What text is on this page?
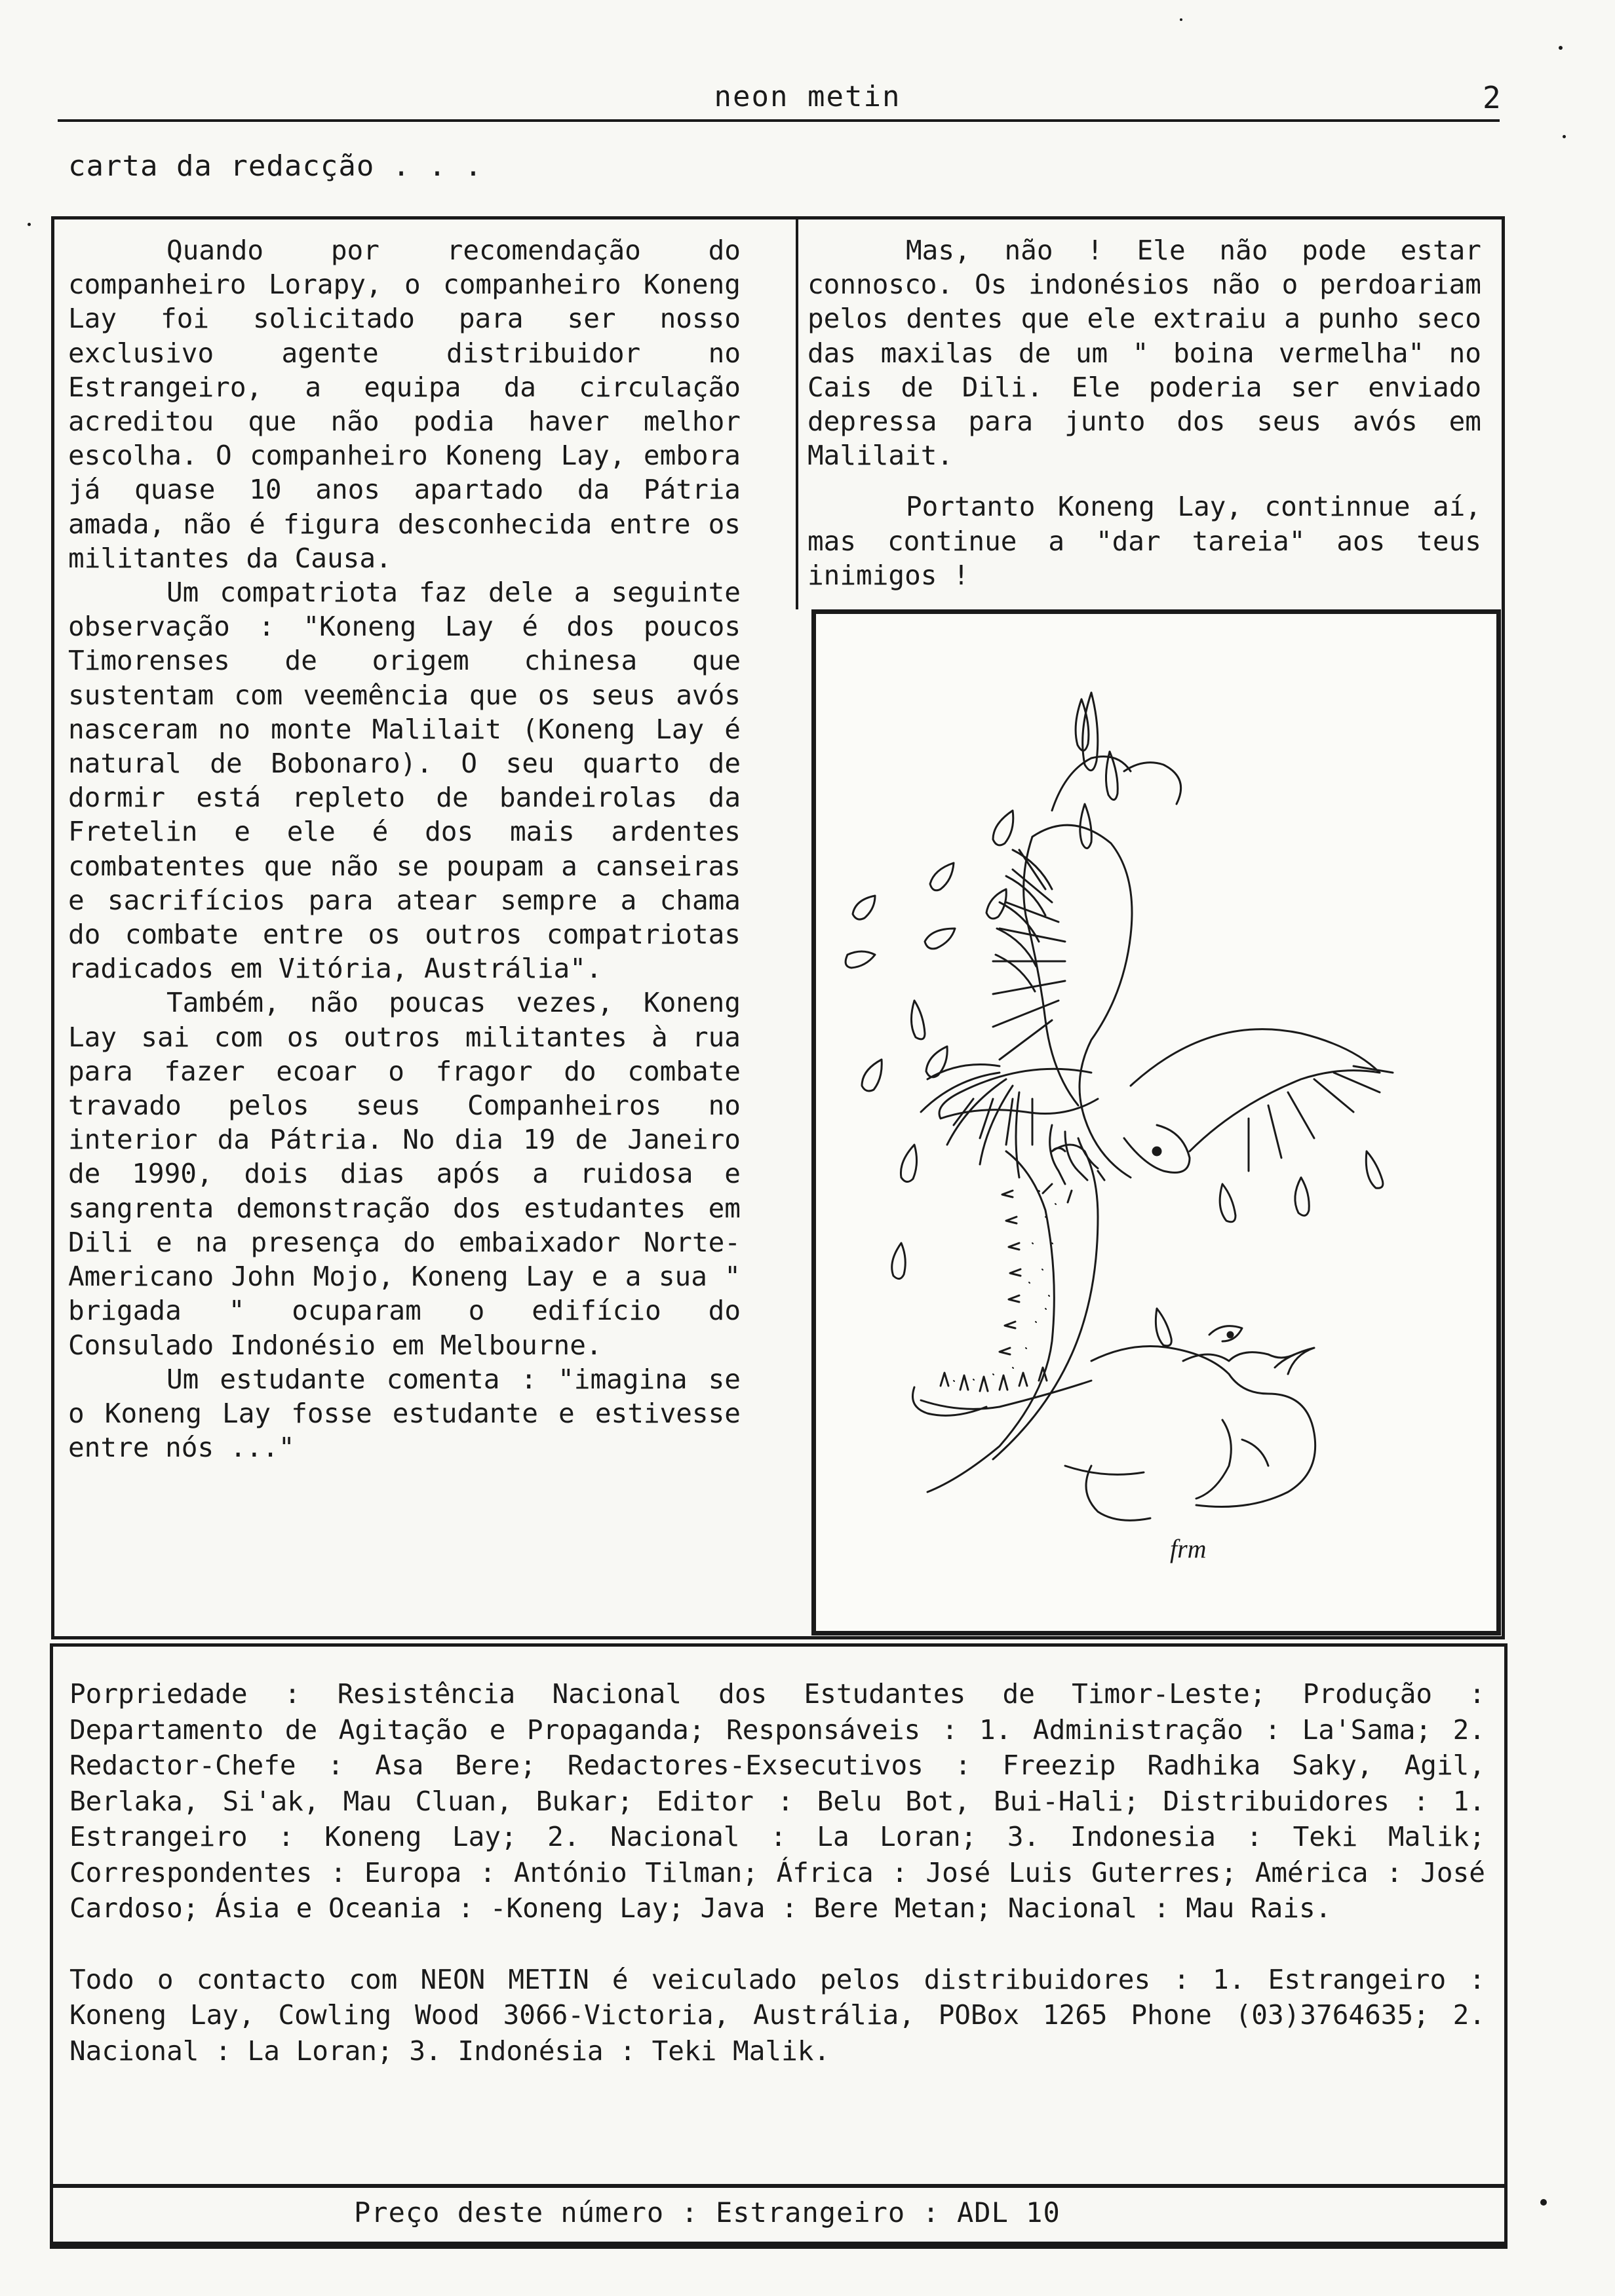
neon metin	2
carta da redacção . . .

Quando por recomendação do companheiro Lorapy, o companheiro Koneng Lay foi solicitado para ser nosso exclusivo agente distribuidor no Estrangeiro, a equipa da circulação acreditou que não podia haver melhor escolha. O companheiro Koneng Lay, embora já quase 10 anos apartado da Pátria amada, não é figura desconhecida entre os militantes da Causa.

Um compatriota faz dele a seguinte observação : "Koneng Lay é dos poucos Timorenses de origem chinesa que sustentam com veemência que os seus avós nasceram no monte Malilait (Koneng Lay é natural de Bobonaro). O seu quarto de dormir está repleto de bandeirolas da Fretelin e ele é dos mais ardentes combatentes que não se poupam a canseiras e sacrifícios para atear sempre a chama do combate entre os outros compatriotas radicados em Vitória, Austrália".

Também, não poucas vezes, Koneng Lay sai com os outros militantes à rua para fazer ecoar o fragor do combate travado pelos seus Companheiros no interior da Pátria. No dia 19 de Janeiro de 1990, dois dias após a ruidosa e sangrenta demonstração dos estudantes em Dili e na presença do embaixador Norte-Americano John Mojo, Koneng Lay e a sua " brigada " ocuparam o edifício do Consulado Indonésio em Melbourne.

Um estudante comenta : "imagina se o Koneng Lay fosse estudante e estivesse entre nós ..."

Mas, não ! Ele não pode estar connosco. Os indonésios não o perdoariam pelos dentes que ele extraiu a punho seco das maxilas de um " boina vermelha" no Cais de Dili. Ele poderia ser enviado depressa para junto dos seus avós em Malilait.

Portanto Koneng Lay, continnue aí, mas continue a "dar tareia" aos teus inimigos !

frm

Porpriedade : Resistência Nacional dos Estudantes de Timor-Leste; Produção : Departamento de Agitação e Propaganda; Responsáveis : 1. Administração : La'Sama; 2. Redactor-Chefe : Asa Bere; Redactores-Exsecutivos : Freezip Radhika Saky, Agil, Berlaka, Si'ak, Mau Cluan, Bukar; Editor : Belu Bot, Bui-Hali; Distribuidores : 1. Estrangeiro : Koneng Lay; 2. Nacional : La Loran; 3. Indonesia : Teki Malik; Correspondentes : Europa : António Tilman; África : José Luis Guterres; América : José Cardoso; Ásia e Oceania : -Koneng Lay; Java : Bere Metan; Nacional : Mau Rais.

Todo o contacto com NEON METIN é veiculado pelos distribuidores : 1. Estrangeiro : Koneng Lay, Cowling Wood 3066-Victoria, Austrália, POBox 1265 Phone (03)3764635; 2. Nacional : La Loran; 3. Indonésia : Teki Malik.

Preço deste número : Estrangeiro : ADL 10
